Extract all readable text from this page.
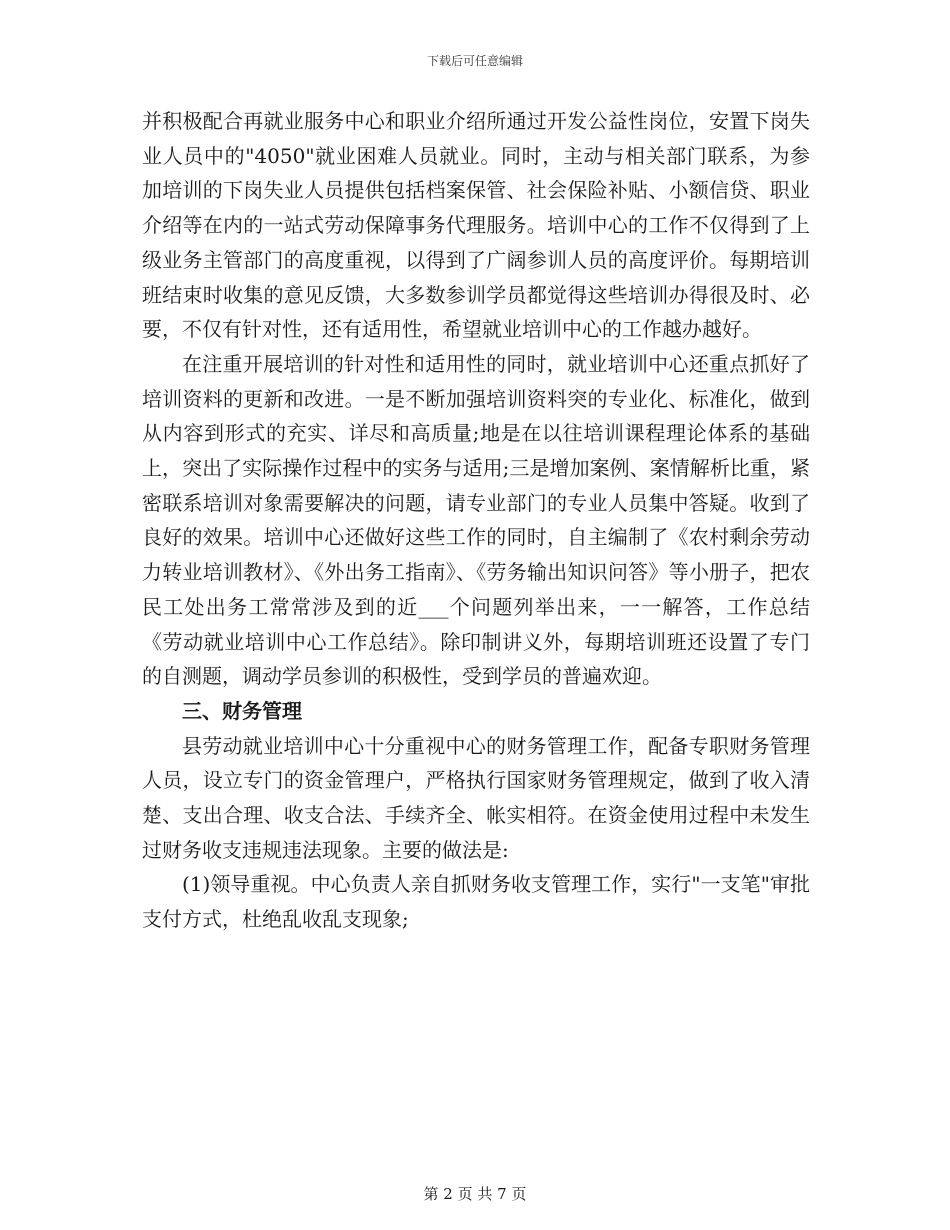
下载后可任意编辑

并积极配合再就业服务中心和职业介绍所通过开发公益性岗位，安置下岗失业人员中的"4050"就业困难人员就业。同时，主动与相关部门联系，为参加培训的下岗失业人员提供包括档案保管、社会保险补贴、小额信贷、职业介绍等在内的一站式劳动保障事务代理服务。培训中心的工作不仅得到了上级业务主管部门的高度重视，以得到了广阔参训人员的高度评价。每期培训班结束时收集的意见反馈，大多数参训学员都觉得这些培训办得很及时、必要，不仅有针对性，还有适用性，希望就业培训中心的工作越办越好。

在注重开展培训的针对性和适用性的同时，就业培训中心还重点抓好了培训资料的更新和改进。一是不断加强培训资料突的专业化、标准化，做到从内容到形式的充实、详尽和高质量;地是在以往培训课程理论体系的基础上，突出了实际操作过程中的实务与适用;三是增加案例、案情解析比重，紧密联系培训对象需要解决的问题，请专业部门的专业人员集中答疑。收到了良好的效果。培训中心还做好这些工作的同时，自主编制了《农村剩余劳动力转业培训教材》、《外出务工指南》、《劳务输出知识问答》等小册子，把农民工处出务工常常涉及到的近___个问题列举出来，一一解答，工作总结《劳动就业培训中心工作总结》。除印制讲义外，每期培训班还设置了专门的自测题，调动学员参训的积极性，受到学员的普遍欢迎。

三、财务管理

县劳动就业培训中心十分重视中心的财务管理工作，配备专职财务管理人员，设立专门的资金管理户，严格执行国家财务管理规定，做到了收入清楚、支出合理、收支合法、手续齐全、帐实相符。在资金使用过程中未发生过财务收支违规违法现象。主要的做法是:

(1)领导重视。中心负责人亲自抓财务收支管理工作，实行"一支笔"审批支付方式，杜绝乱收乱支现象;

第 2 页 共 7 页
